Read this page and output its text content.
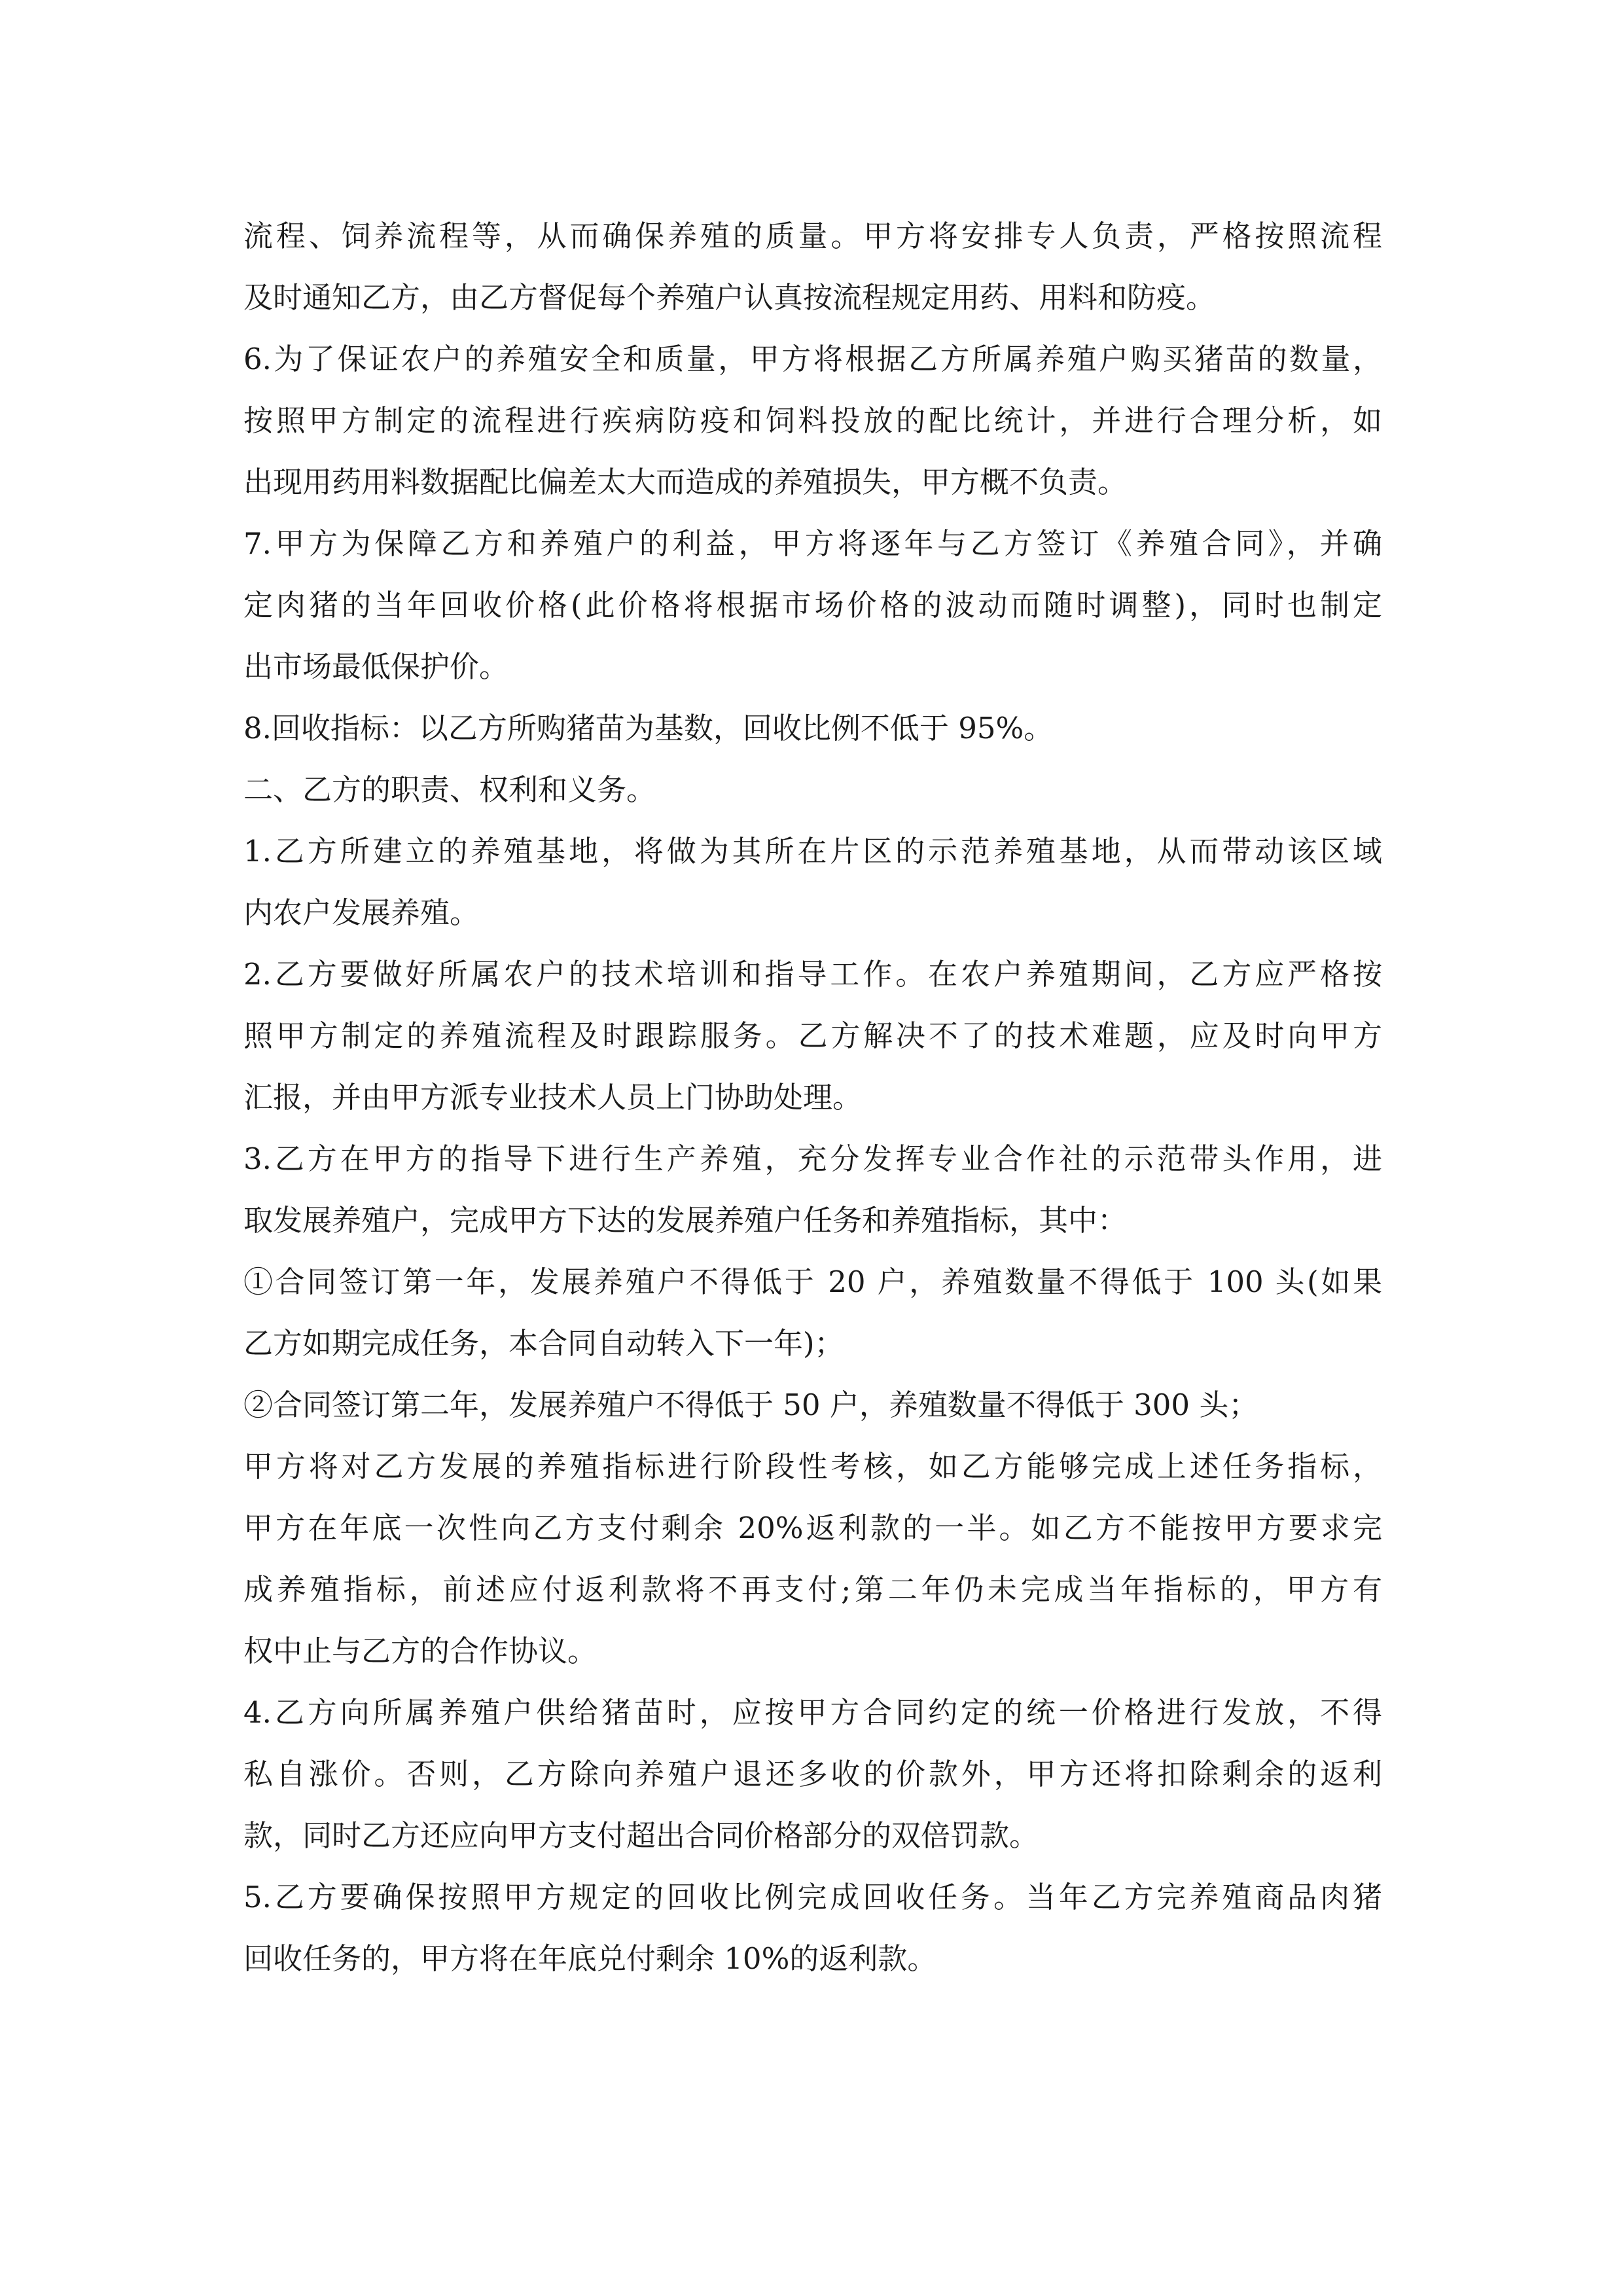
流程、饲养流程等，从而确保养殖的质量。甲方将安排专人负责，严格按照流程
及时通知乙方，由乙方督促每个养殖户认真按流程规定用药、用料和防疫。
6.为了保证农户的养殖安全和质量，甲方将根据乙方所属养殖户购买猪苗的数量，
按照甲方制定的流程进行疾病防疫和饲料投放的配比统计，并进行合理分析，如
出现用药用料数据配比偏差太大而造成的养殖损失，甲方概不负责。
7.甲方为保障乙方和养殖户的利益，甲方将逐年与乙方签订《养殖合同》，并确
定肉猪的当年回收价格(此价格将根据市场价格的波动而随时调整)，同时也制定
出市场最低保护价。
8.回收指标：以乙方所购猪苗为基数，回收比例不低于 95%。
二、乙方的职责、权利和义务。
1.乙方所建立的养殖基地，将做为其所在片区的示范养殖基地，从而带动该区域
内农户发展养殖。
2.乙方要做好所属农户的技术培训和指导工作。在农户养殖期间，乙方应严格按
照甲方制定的养殖流程及时跟踪服务。乙方解决不了的技术难题，应及时向甲方
汇报，并由甲方派专业技术人员上门协助处理。
3.乙方在甲方的指导下进行生产养殖，充分发挥专业合作社的示范带头作用，进
取发展养殖户，完成甲方下达的发展养殖户任务和养殖指标，其中：
①合同签订第一年，发展养殖户不得低于 20 户，养殖数量不得低于 100 头(如果
乙方如期完成任务，本合同自动转入下一年)；
②合同签订第二年，发展养殖户不得低于 50 户，养殖数量不得低于 300 头；
甲方将对乙方发展的养殖指标进行阶段性考核，如乙方能够完成上述任务指标，
甲方在年底一次性向乙方支付剩余 20%返利款的一半。如乙方不能按甲方要求完
成养殖指标，前述应付返利款将不再支付;第二年仍未完成当年指标的，甲方有
权中止与乙方的合作协议。
4.乙方向所属养殖户供给猪苗时，应按甲方合同约定的统一价格进行发放，不得
私自涨价。否则，乙方除向养殖户退还多收的价款外，甲方还将扣除剩余的返利
款，同时乙方还应向甲方支付超出合同价格部分的双倍罚款。
5.乙方要确保按照甲方规定的回收比例完成回收任务。当年乙方完养殖商品肉猪
回收任务的，甲方将在年底兑付剩余 10%的返利款。
